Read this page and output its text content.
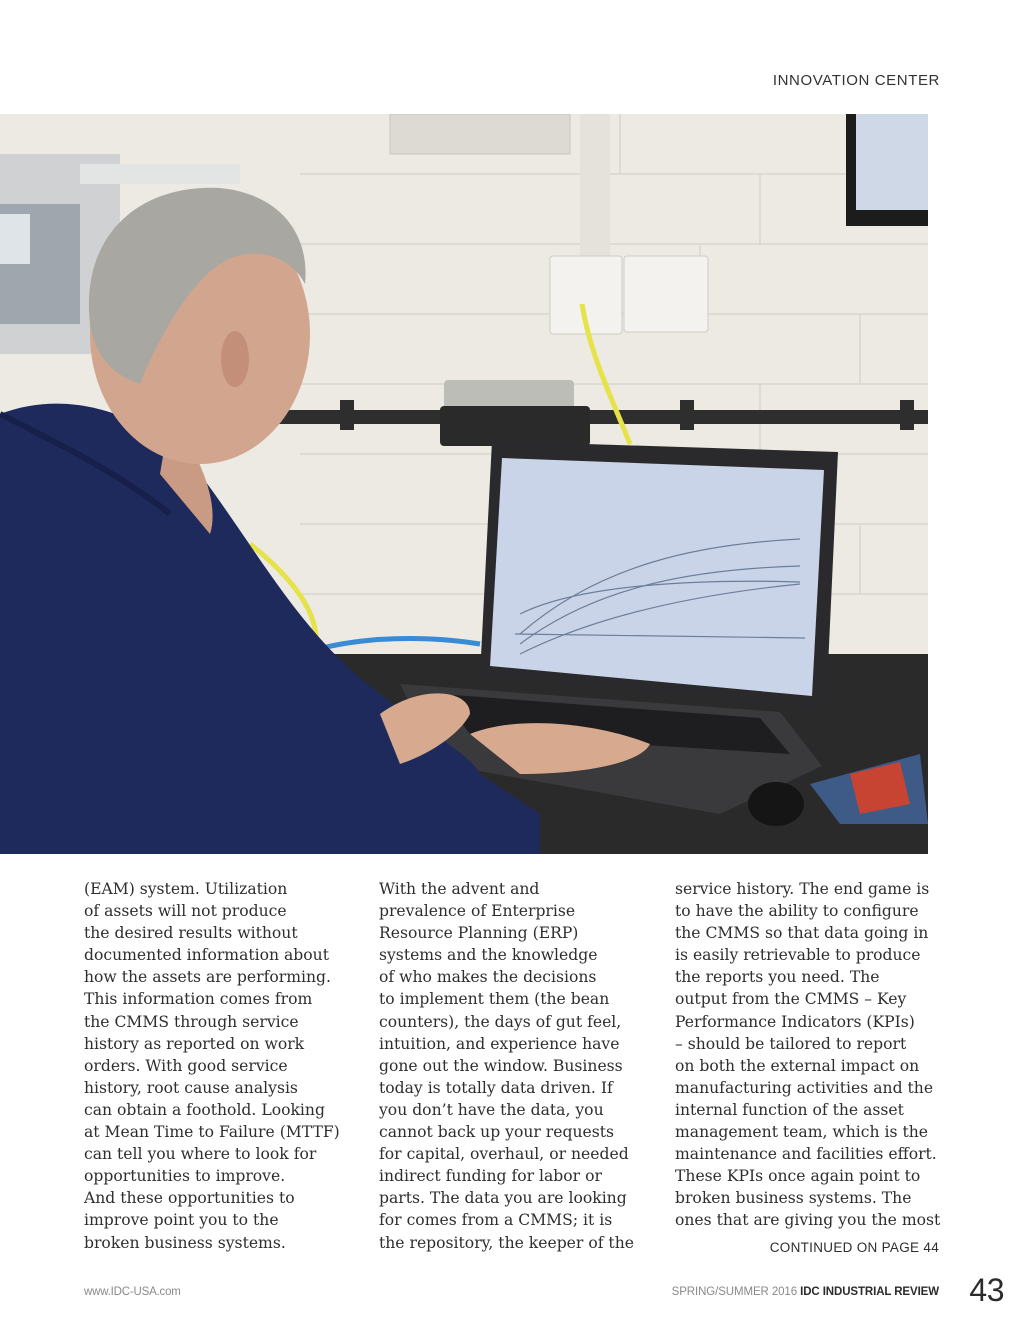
INNOVATION CENTER

(EAM) system. Utilization
of assets will not produce
the desired results without
documented information about
how the assets are performing.
This information comes from
the CMMS through service
history as reported on work
orders. With good service
history, root cause analysis
can obtain a foothold. Looking
at Mean Time to Failure (MTTF)
can tell you where to look for
opportunities to improve.
And these opportunities to
improve point you to the
broken business systems.

With the advent and
prevalence of Enterprise
Resource Planning (ERP)
systems and the knowledge
of who makes the decisions
to implement them (the bean
counters), the days of gut feel,
intuition, and experience have
gone out the window. Business
today is totally data driven. If
you don’t have the data, you
cannot back up your requests
for capital, overhaul, or needed
indirect funding for labor or
parts. The data you are looking
for comes from a CMMS; it is
the repository, the keeper of the

service history. The end game is
to have the ability to configure
the CMMS so that data going in
is easily retrievable to produce
the reports you need. The
output from the CMMS – Key
Performance Indicators (KPIs)
– should be tailored to report
on both the external impact on
manufacturing activities and the
internal function of the asset
management team, which is the
maintenance and facilities effort.
These KPIs once again point to
broken business systems. The
ones that are giving you the most

CONTINUED ON PAGE 44
www.IDC-USA.com	SPRING/SUMMER 2016 IDC INDUSTRIAL REVIEW 43
